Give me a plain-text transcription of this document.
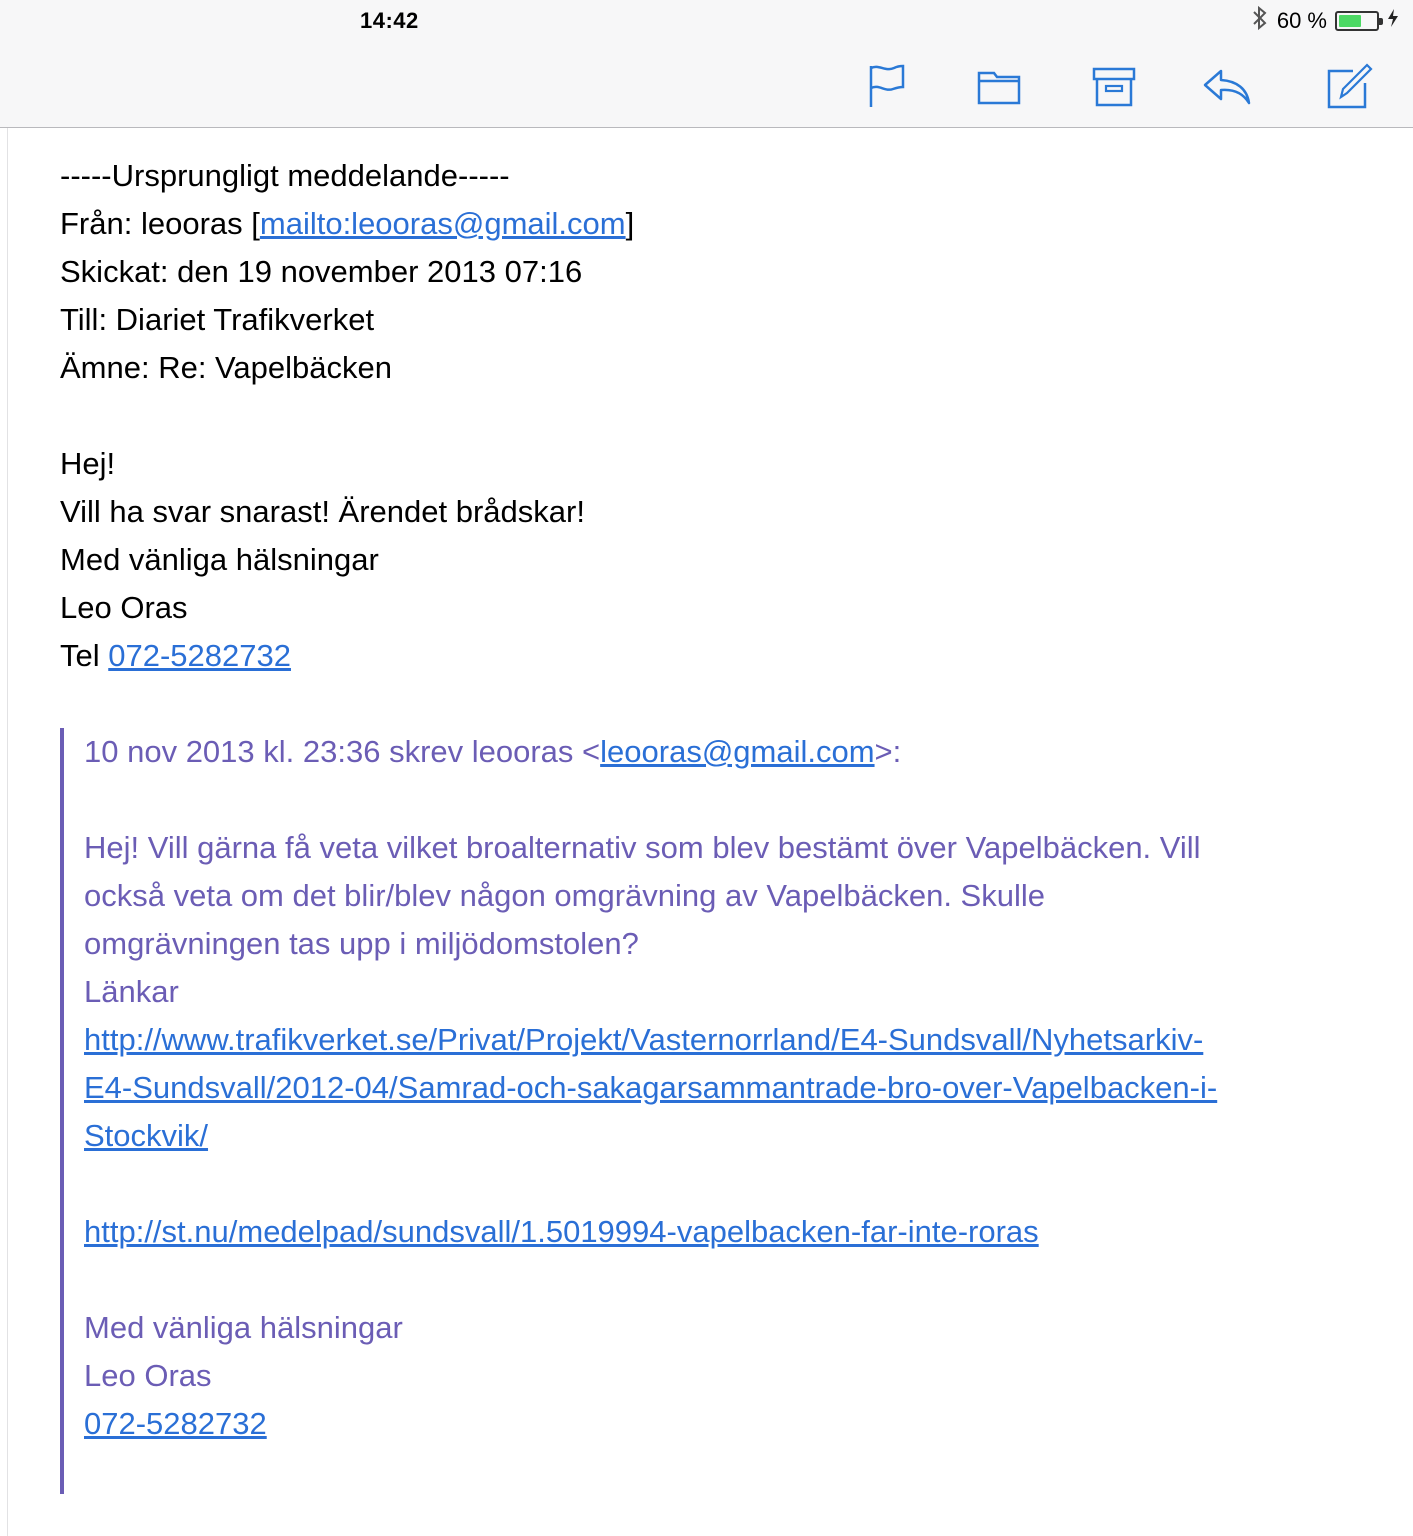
14:42	60 %
-----Ursprungligt meddelande-----
Från: leooras [mailto:leooras@gmail.com]
Skickat: den 19 november 2013 07:16
Till: Diariet Trafikverket
Ämne: Re: Vapelbäcken
Hej!
Vill ha svar snarast! Ärendet brådskar!
Med vänliga hälsningar
Leo Oras
Tel 072-5282732
10 nov 2013 kl. 23:36 skrev leooras <leooras@gmail.com>:
Hej! Vill gärna få veta vilket broalternativ som blev bestämt över Vapelbäcken. Vill
också veta om det blir/blev någon omgrävning av Vapelbäcken. Skulle
omgrävningen tas upp i miljödomstolen?
Länkar
http://www.trafikverket.se/Privat/Projekt/Vasternorrland/E4-Sundsvall/Nyhetsarkiv-
E4-Sundsvall/2012-04/Samrad-och-sakagarsammantrade-bro-over-Vapelbacken-i-
Stockvik/
http://st.nu/medelpad/sundsvall/1.5019994-vapelbacken-far-inte-roras
Med vänliga hälsningar
Leo Oras
072-5282732
